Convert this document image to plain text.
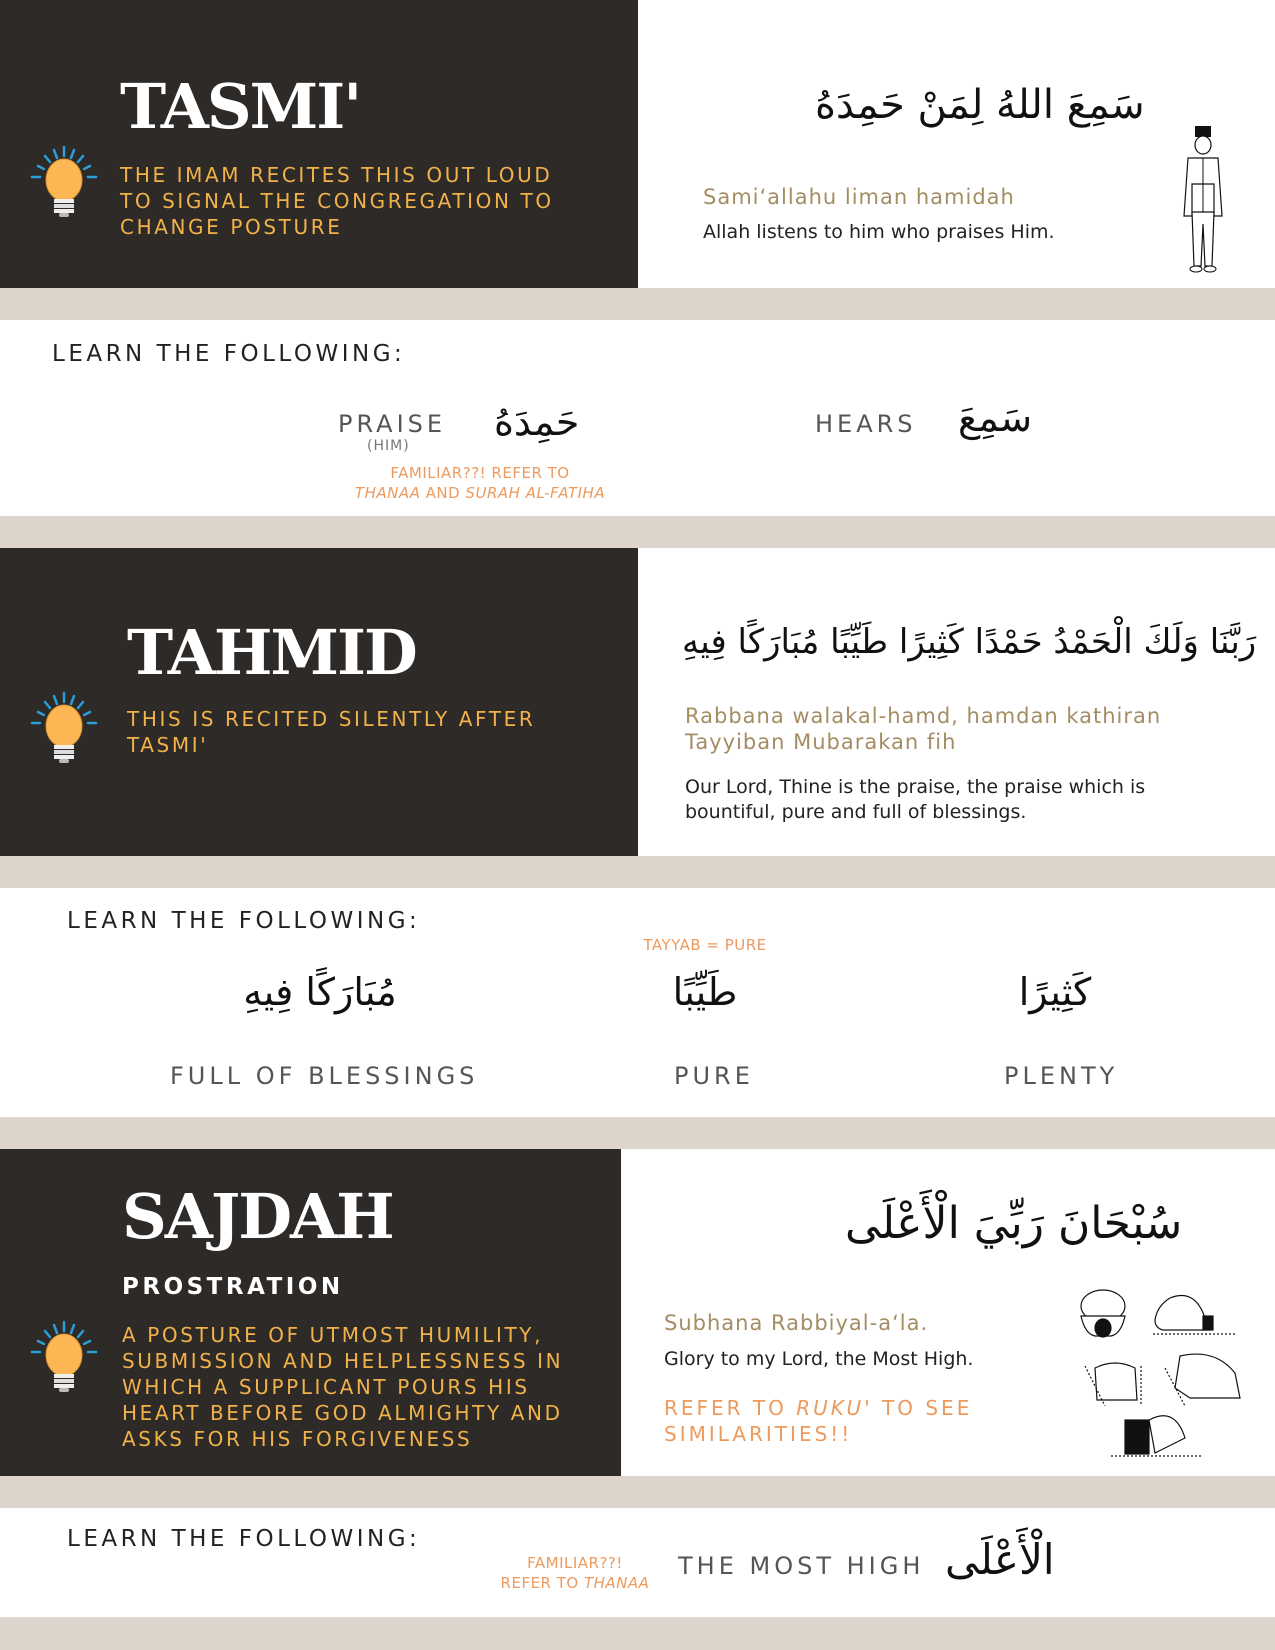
TASMI'
THE IMAM RECITES THIS OUT LOUD TO SIGNAL THE CONGREGATION TO CHANGE POSTURE
سَمِعَ اللهُ لِمَنْ حَمِدَهُ
Sami‘allahu liman hamidah
Allah listens to him who praises Him.
LEARN THE FOLLOWING:
PRAISE
(HIM)
حَمِدَهُ	HEARS سَمِعَ
FAMILIAR??! REFER TO
THANAA AND SURAH AL-FATIHA
TAHMID
THIS IS RECITED SILENTLY AFTER TASMI'
رَبَّنَا وَلَكَ الْحَمْدُ حَمْدًا كَثِيرًا طَيِّبًا مُبَارَكًا فِيهِ
Rabbana walakal-hamd, hamdan kathiran Tayyiban Mubarakan fih
Our Lord, Thine is the praise, the praise which is bountiful, pure and full of blessings.
LEARN THE FOLLOWING:
TAYYAB = PURE
مُبَارَكًا فِيهِ
FULL OF BLESSINGS
طَيِّبًا
PURE
كَثِيرًا
PLENTY
SAJDAH
PROSTRATION
A POSTURE OF UTMOST HUMILITY, SUBMISSION AND HELPLESSNESS IN WHICH A SUPPLICANT POURS HIS HEART BEFORE GOD ALMIGHTY AND ASKS FOR HIS FORGIVENESS
سُبْحَانَ رَبِّيَ الْأَعْلَى
Subhana Rabbiyal-a‘la.
Glory to my Lord, the Most High.
REFER TO RUKU' TO SEE SIMILARITIES!!
LEARN THE FOLLOWING:
FAMILIAR??!
REFER TO THANAA
THE MOST HIGH الْأَعْلَى
